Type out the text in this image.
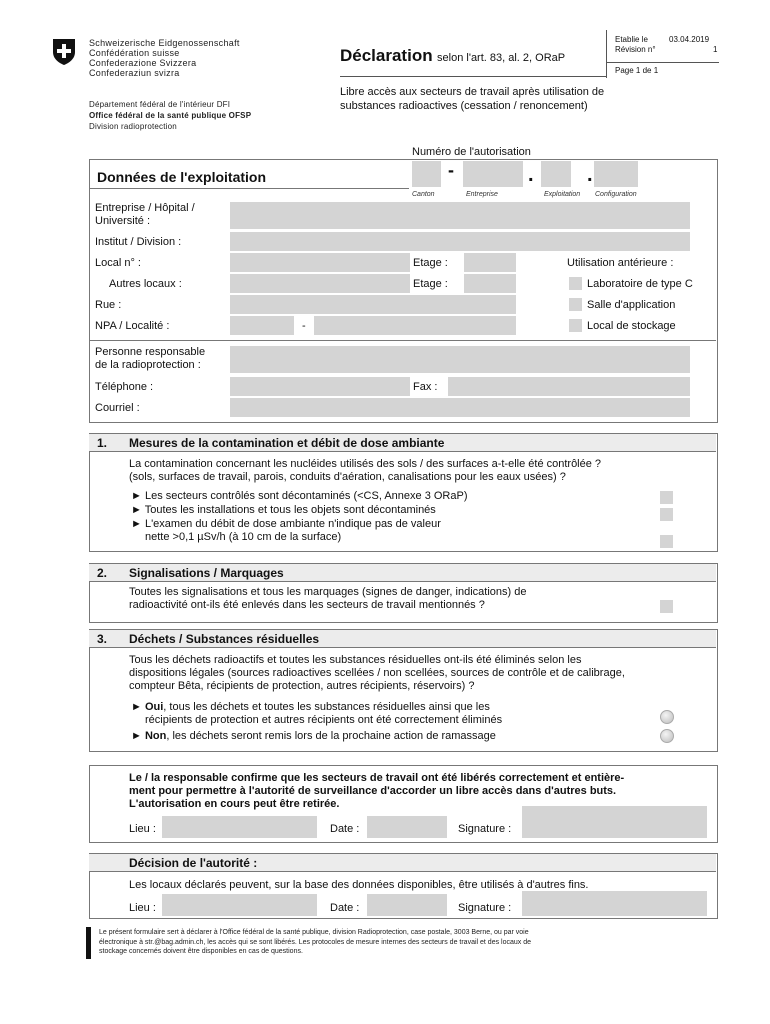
Schweizerische Eidgenossenschaft
Confédération suisse
Confederazione Svizzera
Confederaziun svizra
Département fédéral de l'intérieur DFI
Office fédéral de la santé publique OFSP
Division radioprotection
Déclaration selon l'art. 83, al. 2, ORaP
Libre accès aux secteurs de travail après utilisation de
substances radioactives (cessation / renoncement)
Etablie le	03.04.2019
Révision n°	1
Page 1 de 1
Numéro de l'autorisation
Données de l'exploitation	-	.	.
Canton	Entreprise	Exploitation Configuration
Entreprise / Hôpital /
Université :
Institut / Division :
Local n° :	Etage :	Utilisation antérieure :
Autres locaux :	Etage :	Laboratoire de type C
Rue :	Salle d'application
NPA / Localité :	-	Local de stockage
Personne responsable
de la radioprotection :
Téléphone :	Fax :
Courriel :
1. Mesures de la contamination et débit de dose ambiante
La contamination concernant les nucléides utilisés des sols / des surfaces a-t-elle été contrôlée ?
(sols, surfaces de travail, parois, conduits d'aération, canalisations pour les eaux usées) ?
► Les secteurs contrôlés sont décontaminés (<CS, Annexe 3 ORaP)
► Toutes les installations et tous les objets sont décontaminés
► L'examen du débit de dose ambiante n'indique pas de valeur
nette >0,1 µSv/h (à 10 cm de la surface)
2. Signalisations / Marquages
Toutes les signalisations et tous les marquages (signes de danger, indications) de
radioactivité ont-ils été enlevés dans les secteurs de travail mentionnés ?
3. Déchets / Substances résiduelles
Tous les déchets radioactifs et toutes les substances résiduelles ont-ils été éliminés selon les
dispositions légales (sources radioactives scellées / non scellées, sources de contrôle et de calibrage,
compteur Bêta, récipients de protection, autres récipients, réservoirs) ?
► Oui, tous les déchets et toutes les substances résiduelles ainsi que les
récipients de protection et autres récipients ont été correctement éliminés
► Non, les déchets seront remis lors de la prochaine action de ramassage
Le / la responsable confirme que les secteurs de travail ont été libérés correctement et entière-
ment pour permettre à l'autorité de surveillance d'accorder un libre accès dans d'autres buts.
L'autorisation en cours peut être retirée.
Lieu :	Date :	Signature :
Décision de l'autorité :
Les locaux déclarés peuvent, sur la base des données disponibles, être utilisés à d'autres fins.
Lieu :	Date :	Signature :
Le présent formulaire sert à déclarer à l'Office fédéral de la santé publique, division Radioprotection, case postale, 3003 Berne, ou par voie
électronique à str.@bag.admin.ch, les accès qui se sont libérés. Les protocoles de mesure internes des secteurs de travail et des locaux de
stockage concernés doivent être disponibles en cas de questions.
